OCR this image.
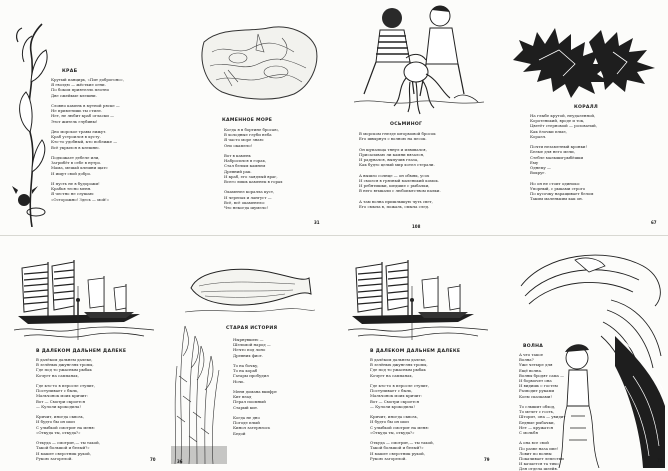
КРАБ
Крутый панцирь, «Пит доброгоно»,
Я гвоздю — жёсткие огни.
По боком приятелль плотно
Две сжейкые клешни.

Словно камень в мутной ряске —
Не приметишь ты стиле.
Нет, не любит краб огласки —
Этот житель глубины!

Дно морское травы лижут.
Краб устроился в кусту.
Кто-то удобный, кто поближе —
Всё укрылся в клешню.

Подхожает дебеле или,
Загрибёт в себе в нутро.
Мама, мешай клешни щатс
И ищут свой добро.

И пусть не в будорожи!
Крабья тесно меня.
Я честно не слушаю:
«Осторожно! Здесь — мой!»
КАМЕННОЕ МОРЕ
Когда я в бортине бросаю,
В холодные глуби неба
Я часто море знаю:
Оно окамело!

Вот в камень
Набросился в горах,
Стал белым камнем
Древний рак.
И краб, его заядлый враг,
Всего лишь каменек в горах

Окаменел коралла куст,
И черепах и лангуст —
Всё, всё окаменело:
Что некогда шумело!
31
ОСЬМИНОГ
В морском гнезде штормовой бросок
Его швырнул с волною на песок.

Он щупальца тянул и извивался,
Присасываю ли камни вязался,
И радувался, выпучив глаза,
Как будто целый мир хотел стерали.

А вышло солнце — он обмяк, усох
И смолся в грязный маленький комок.
И ребятишки, шедшие с рыбалки,
В него втыкали с любопытством палки.

А там волна пришлышую чуть свет,
Его смыла в, пожаль, смыла след.
108
КОРАЛЛ
На глыбе крутой, неудаленной,
Коротенький, вроде и ток,
Цветёт стерномой — розоватый,
Как ёлочки плыл,
Коралл.

Почти незаметный кронки!
Белые для него мели,
Стебле малыши-рыбёшки
Ему
Однему —
Вокруг.

Но он не стоит одиноко:
Упорный, с рыками строго
По кусочку наращивает белом
Таким маленьким как он.
67
В ДАЛЕКОМ ДАЛЬНЕМ ДАЛЕКЕ
В далёком дальнем далеке,
В зелёных джунглях тропы,
Где под то ужасным рыбак
Кочует на сампанах,

Где кто-то в перосле ступит,
Поступивает с быль,
Мальчонок моих кричит:
Вот — Смотри скроется
— Кулоли крокодила!

Кричит, иногда сквозь,
И будто бы он шоп
С улыбкой смотрит на меня:
«Откуда ты, откуда?»

Откуда — смотрит,— ты такой,
Такой большой и белый?»
И машет сверстник рукой,
Рукою загорелой.	70
СТАРАЯ ИСТОРИЯ
Нырнувшею —
Шельмой народ —
Нечто под лоно
Древних фиот.

То на бочку,
То на кораб
Гатары пробудил
Ночь.

Меня домана вкифре
Кит влад
Перал поомный
Старый кит.

Когда не дно
Погоде плый
Кинол затерялось
Бедой
36
В ДАЛЕКОМ ДАЛЬНЕМ ДАЛЕКЕ
В далёком дальнем далеке,
В зелёных джунглях тропы,
Где под то ужасным рыбак
Кочует на сампанах,

Где кто-то в перосле ступит,
Поступивает с быль,
Мальчонок моих кричит:
Вот — Смотри скроется
— Кулоли крокодила!

Кричит, иногда сквозь,
И будто бы он шоп
С улыбкой смотрит на меня:
«Откуда ты, откуда?»

Откуда — смотрит,— ты такой,
Такой большой и белый?»
И машет сверстник рукой,
Рукою загорелой.	79
ВОЛНА
А что такое
Волна?
Уже четыре для
Ещё волна.
Волны бродят сама —
И бормочет она
И видишь с гостем
Разводит руками
Коем сказками!

То слышит обход,
То мечет с гость,
Шторит, она — увидит
Бедные рыбачки,
Нет — кружатся
С мольбя

А она все свой
По разве наза ипе!
Ловит по волны
Покачивает лепестки
И качается та тихо
Для отдела шлейв.
74
